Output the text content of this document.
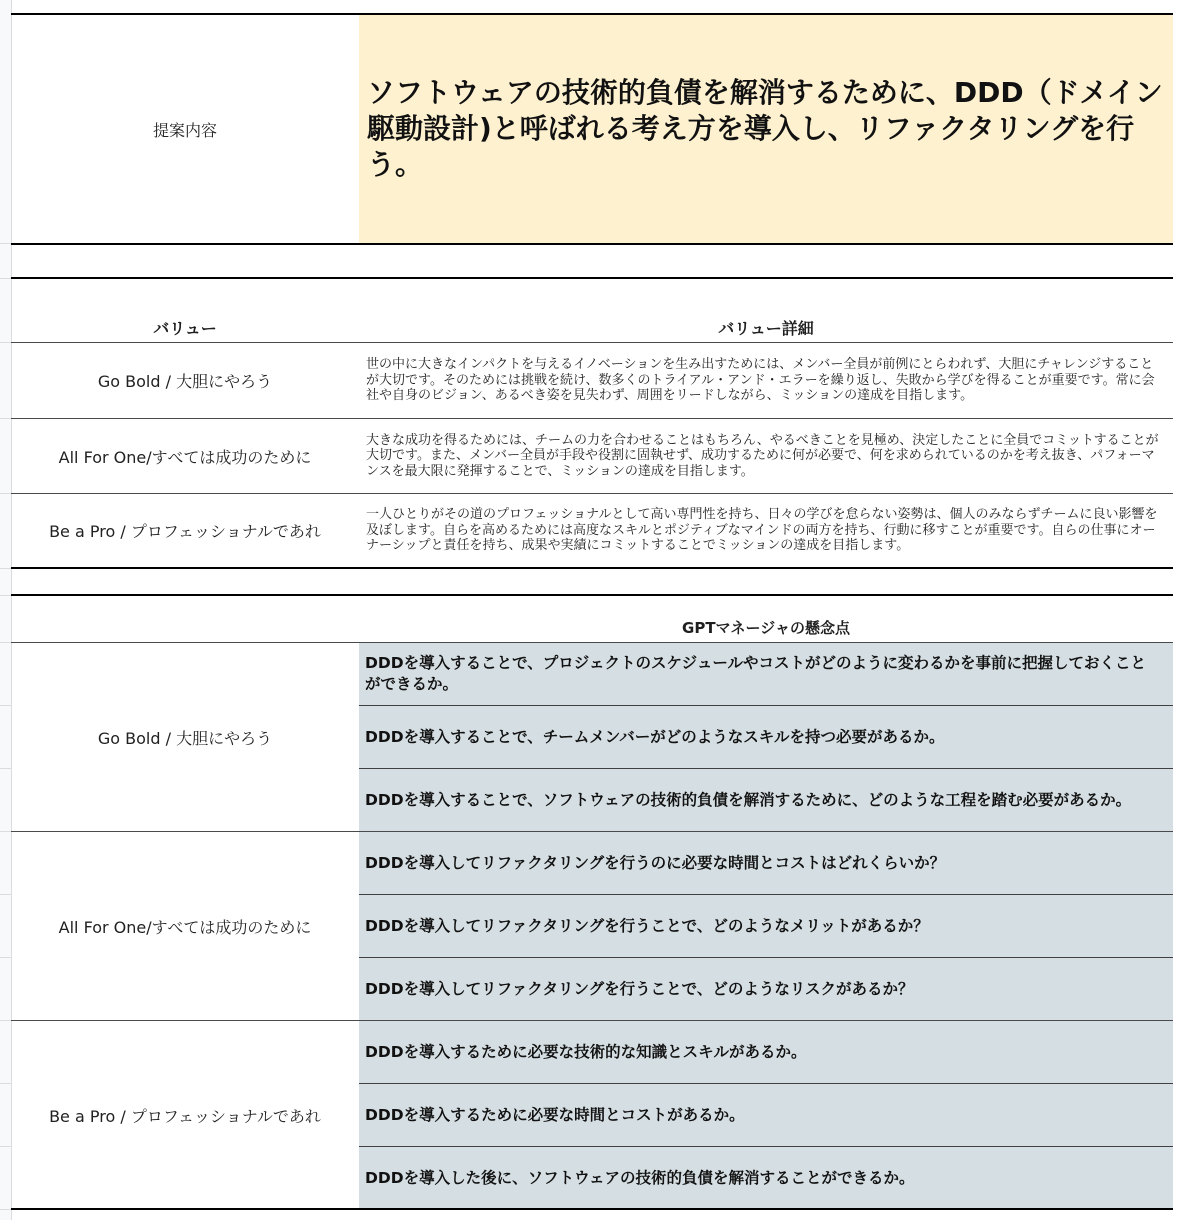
提案内容
ソフトウェアの技術的負債を解消するために、DDD（ドメイン駆動設計)と呼ばれる考え方を導入し、リファクタリングを行う。
バリュー	バリュー詳細
Go Bold / 大胆にやろう
世の中に大きなインパクトを与えるイノベーションを生み出すためには、メンバー全員が前例にとらわれず、大胆にチャレンジすることが大切です。そのためには挑戦を続け、数多くのトライアル・アンド・エラーを繰り返し、失敗から学びを得ることが重要です。常に会社や自身のビジョン、あるべき姿を見失わず、周囲をリードしながら、ミッションの達成を目指します。
All For One/すべては成功のために
大きな成功を得るためには、チームの力を合わせることはもちろん、やるべきことを見極め、決定したことに全員でコミットすることが大切です。また、メンバー全員が手段や役割に固執せず、成功するために何が必要で、何を求められているのかを考え抜き、パフォーマンスを最大限に発揮することで、ミッションの達成を目指します。
Be a Pro / プロフェッショナルであれ
一人ひとりがその道のプロフェッショナルとして高い専門性を持ち、日々の学びを怠らない姿勢は、個人のみならずチームに良い影響を及ぼします。自らを高めるためには高度なスキルとポジティブなマインドの両方を持ち、行動に移すことが重要です。自らの仕事にオーナーシップと責任を持ち、成果や実績にコミットすることでミッションの達成を目指します。
GPTマネージャの懸念点
Go Bold / 大胆にやろう
DDDを導入することで、プロジェクトのスケジュールやコストがどのように変わるかを事前に把握しておくことができるか。
DDDを導入することで、チームメンバーがどのようなスキルを持つ必要があるか。
DDDを導入することで、ソフトウェアの技術的負債を解消するために、どのような工程を踏む必要があるか。
All For One/すべては成功のために
DDDを導入してリファクタリングを行うのに必要な時間とコストはどれくらいか？
DDDを導入してリファクタリングを行うことで、どのようなメリットがあるか？
DDDを導入してリファクタリングを行うことで、どのようなリスクがあるか？
Be a Pro / プロフェッショナルであれ
DDDを導入するために必要な技術的な知識とスキルがあるか。
DDDを導入するために必要な時間とコストがあるか。
DDDを導入した後に、ソフトウェアの技術的負債を解消することができるか。
